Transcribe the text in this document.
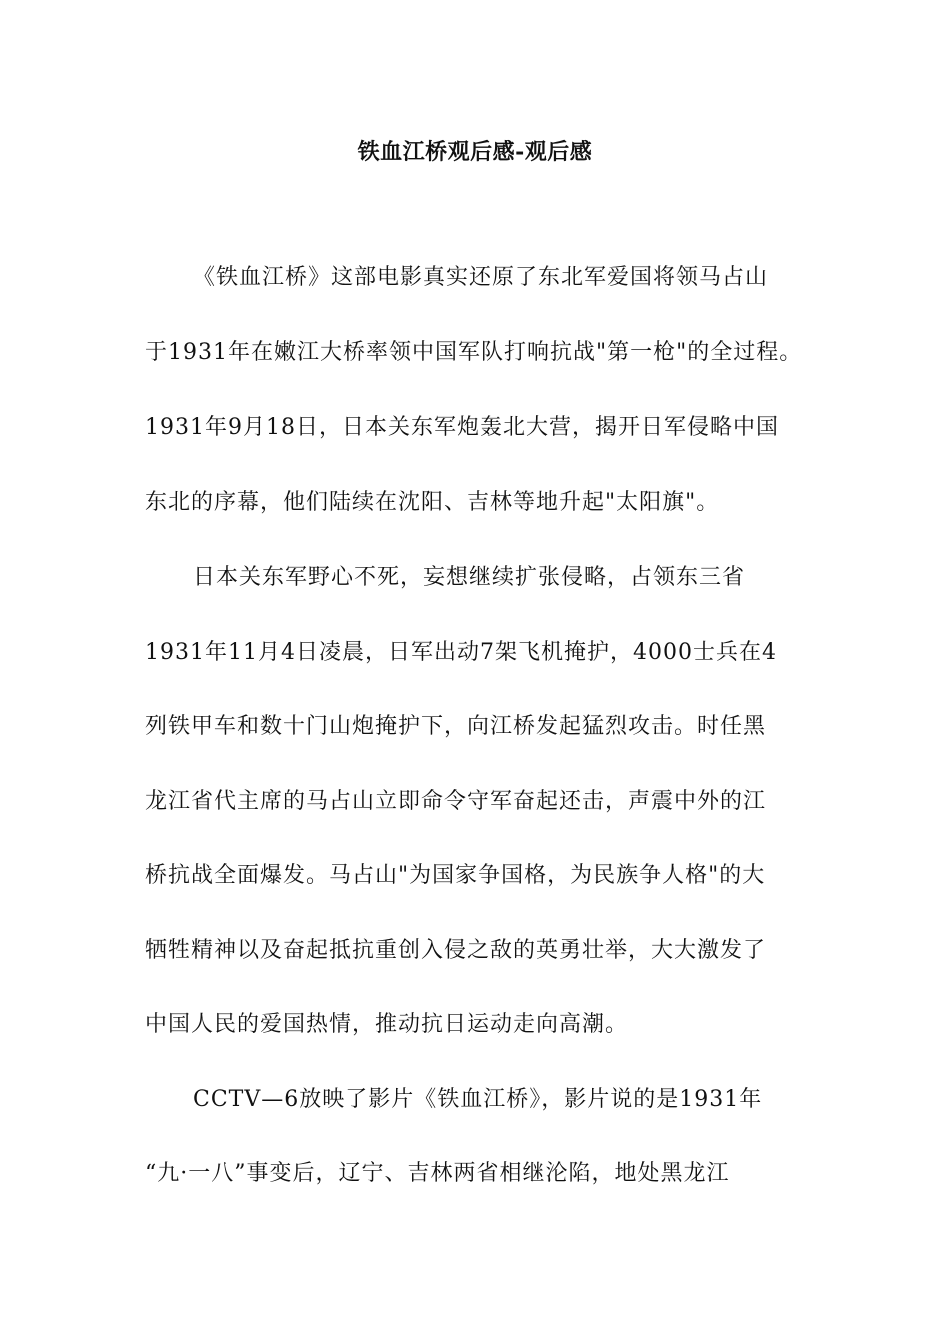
铁血江桥观后感-观后感
《铁血江桥》这部电影真实还原了东北军爱国将领马占山
于1931年在嫩江大桥率领中国军队打响抗战"第一枪"的全过程。
1931年9月18日，日本关东军炮轰北大营，揭开日军侵略中国
东北的序幕，他们陆续在沈阳、吉林等地升起"太阳旗"。
日本关东军野心不死，妄想继续扩张侵略，占领东三省
1931年11月4日凌晨，日军出动7架飞机掩护，4000士兵在4
列铁甲车和数十门山炮掩护下，向江桥发起猛烈攻击。时任黑
龙江省代主席的马占山立即命令守军奋起还击，声震中外的江
桥抗战全面爆发。马占山"为国家争国格，为民族争人格"的大
牺牲精神以及奋起抵抗重创入侵之敌的英勇壮举，大大激发了
中国人民的爱国热情，推动抗日运动走向高潮。
CCTV—6放映了影片《铁血江桥》，影片说的是1931年
“九·一八”事变后，辽宁、吉林两省相继沦陷，地处黑龙江
